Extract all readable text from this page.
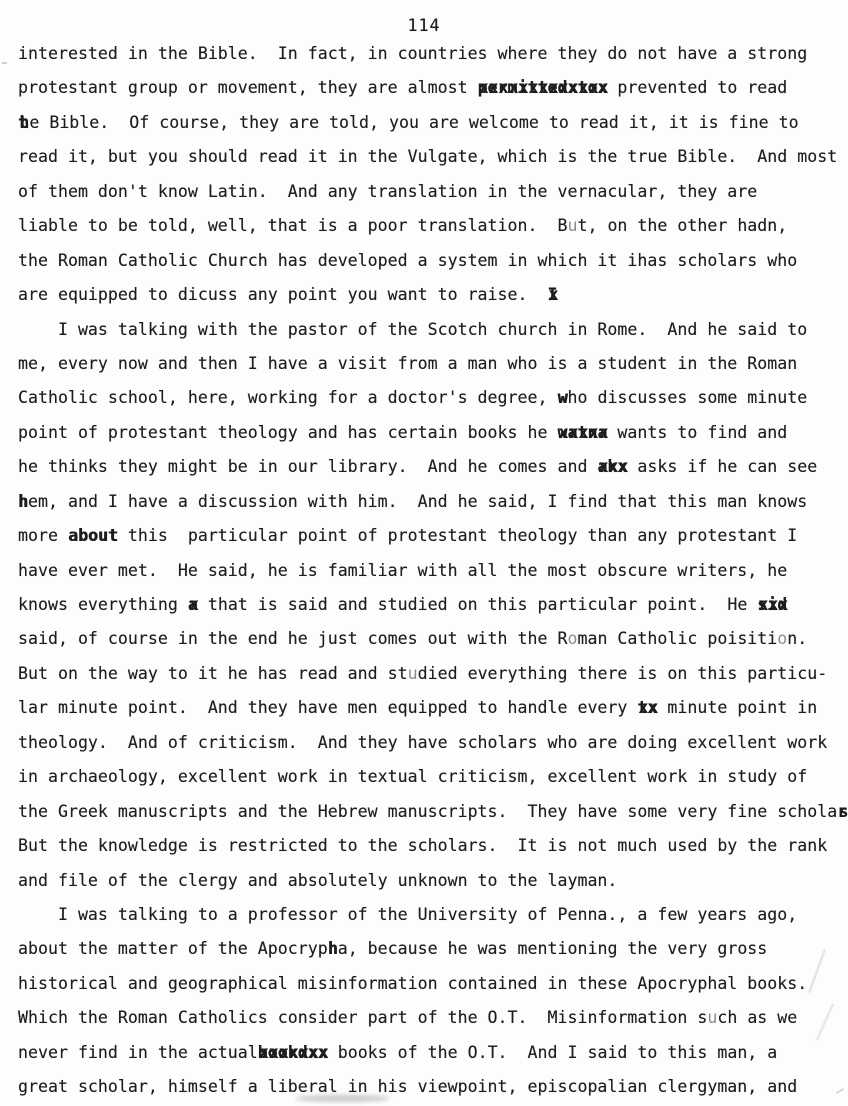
114
interested in the Bible.  In fact, in countries where they do not have a strong
protestant group or movement, they are almost permittedxtox xxxxxxxxxxxxx prevented to read
th e Bible.  Of course, they are told, you are welcome to read it, it is fine to
read it, but you should read it in the Vulgate, which is the true Bible.  And most
of them don't know Latin.  And any translation in the vernacular, they are
liable to be told, well, that is a poor translation.  But, on the other hadn,
the Roman Catholic Church has developed a system in which it ihas scholars who
are equipped to dicuss any point you want to raise.  I x
I was talking with the pastor of the Scotch church in Rome.  And he said to
me, every now and then I have a visit from a man who is a student in the Roman
Catholic school, here, working for a doctor's degree, who discusses some minute
point of protestant theology and has certain books he watna xxxxx wants to find and
he thinks they might be in our library.  And he comes and akx xxx asks if he can see
hem, and I have a discussion with him.  And he said, I find that this man knows
more about this  particular point of protestant theology than any protestant I
have ever met.  He said, he is familiar with all the most obscure writers, he
knows everything a x that is said and studied on this particular point.  He sid xxx
said, of course in the end he just comes out with the Roman Catholic poisition.
But on the way to it he has read and studied everything there is on this particu-
lar minute point.  And they have men equipped to handle every tx xx minute point in
theology.  And of criticism.  And they have scholars who are doing excellent work
in archaeology, excellent work in textual criticism, excellent work in study of
the Greek manuscripts and the Hebrew manuscripts.  They have some very fine scholars
But the knowledge is restricted to the scholars.  It is not much used by the rank
and file of the clergy and absolutely unknown to the layman.
I was talking to a professor of the University of Penna., a few years ago,
about the matter of the Apocrypha, because he was mentioning the very gross
historical and geographical misinformation contained in these Apocryphal books.
Which the Roman Catholics consider part of the O.T.  Misinformation such as we
never find in the actualbookdxx xxxxxxx books of the O.T.  And I said to this man, a
great scholar, himself a liberal in his viewpoint, episcopalian clergyman, and
